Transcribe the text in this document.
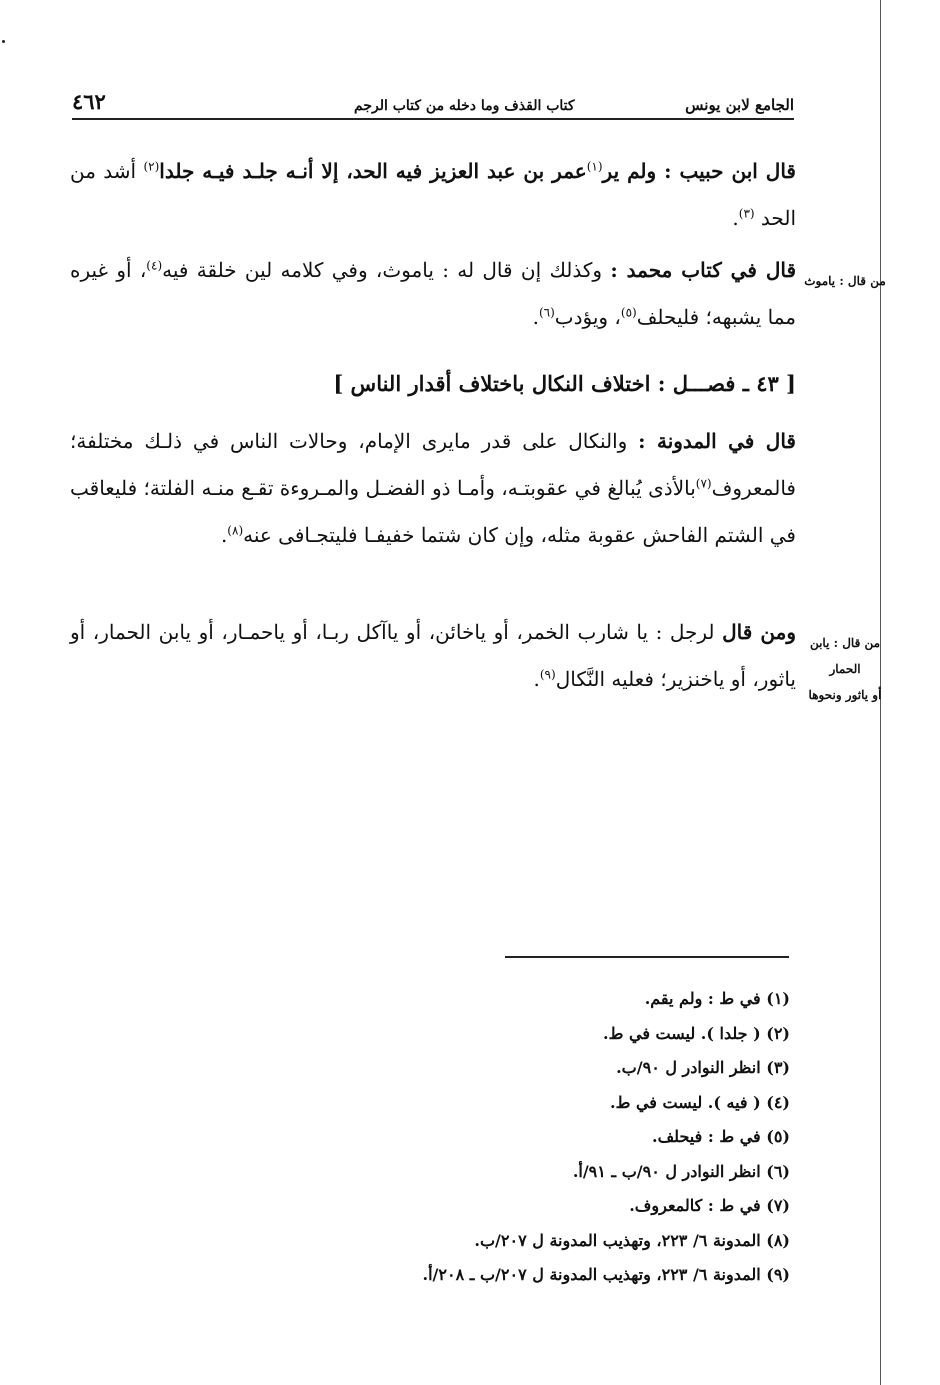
٤٦٢	كتاب القذف وما دخله من كتاب الرجم	الجامع لابن يونس
قال ابن حبيب : ولم ير$^{(١)}$عمر بن عبد العزيز فيه الحد، إلا أنـه جلـد فيـه جلدا$^{(٢)}$ أشد من الحد $^{(٣)}$.
قال في كتاب محمد : وكذلك إن قال له : ياموث، وفي كلامه لين خلقة فيه$^{(٤)}$، أو غيره مما يشبهه؛ فليحلف$^{(٥)}$، ويؤدب$^{(٦)}$.
من قال : ياموث
[ ٤٣ ـ فصـــل : اختلاف النكال باختلاف أقدار الناس ]
قال في المدونة : والنكال على قدر مايرى الإمام، وحالات الناس في ذلـك مختلفة؛ فالمعروف$^{(٧)}$بالأذى يُبالغ في عقوبتـه، وأمـا ذو الفضـل والمـروءة تقـع منـه الفلتة؛ فليعاقب في الشتم الفاحش عقوبة مثله، وإن كان شتما خفيفـا فليتجـافى عنه$^{(٨)}$.
ومن قال لرجل : يا شارب الخمر، أو ياخائن، أو ياآكل ربـا، أو ياحمـار، أو يابن الحمار، أو ياثور، أو ياخنزير؛ فعليه النَّكال$^{(٩)}$.
من قال : يابن الحمار
أو ياثور ونحوها
(١) في ط : ولم يقم.
(٢) ( جلدا ). ليست في ط.
(٣) انظر النوادر ل ٩٠/ب.
(٤) ( فيه ). ليست في ط.
(٥) في ط : فيحلف.
(٦) انظر النوادر ل ٩٠/ب ـ ٩١/أ.
(٧) في ط : كالمعروف.
(٨) المدونة ٦/ ٢٢٣، وتهذيب المدونة ل ٢٠٧/ب.
(٩) المدونة ٦/ ٢٢٣، وتهذيب المدونة ل ٢٠٧/ب ـ ٢٠٨/أ.
